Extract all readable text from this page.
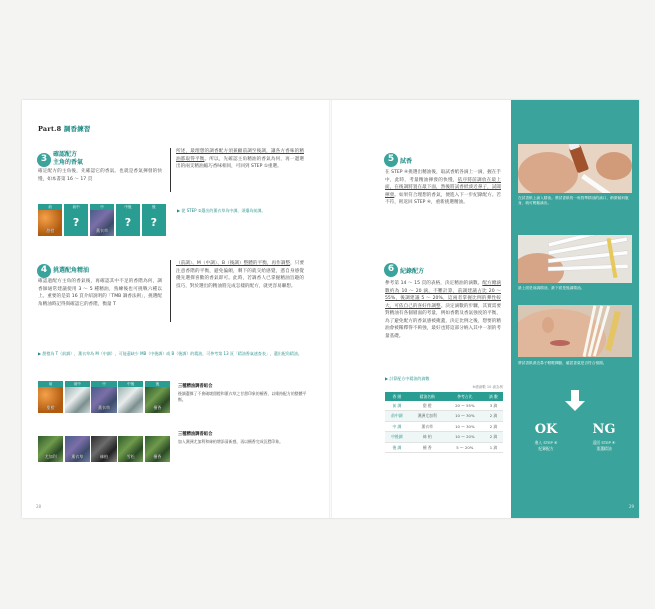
Part.8 調香練習
3 確認配方
主角的香氣
確定配方的主角後，先確認它的香氣。也就是香氣揮發的快慢，如本書第 16 ～ 17 頁
所述，最理想的調香配方須兼顧前調至後調，讓各方香味的精油都取得平衡。所以，先確認主角精油的香氣為何，再一邊選出的兩支精油縮巧香味相同，可回到 STEP ①重選。
前
甜橙
前中
?
中
薰衣草
中後
?
後
?
▶ 從 STEP ②選出的薰衣草為中調，須爆為前調。
4 挑選配角精油
確認過配方主角的香氣後，再確認其中不足的香階為何，調香師通常建議使用 3 ～ 5 種精油，熟練後也可挑戰六種以上。重要的是第 16 頁介紹說明的「TMB 調香法則」，挑選配角精油時記得與確認它的香階，衡量 T
（前調）、M（中調）、B（後調）整體的平衡，再作調整，只要注意香階的平衡，避免偏頗，剩下的就交給感覺，憑自身感覺優先選擇喜歡的香氣即可。此時，若調香人已掌握精油旨趣的技巧，對於選出的精油將完成怎樣的配方，就更容易聯想。
▶ 甜橙為 T（前調），薰衣草為 M（中調），可能還缺少 MB（中後調）或 B（後調）的精油，可參考第 13 頁「精油香氣速查表」，選出配角精油。
前
甜橙
前中	中
薰衣草
中後	後
檀香
三種精油調香組合
後調選擇了不會破壞甜橙和薰衣草之甘甜印象的檀香，以維持配方的整體平衡。
尤加利	薰衣草	絲柏	雪松	檀香
三種精油調香組合
加入澳洲尤加利和絲柏增添清新感，再以檀香完成沉穩印象。
28
5 試香
在 STEP ④挑選出精油後，取試香紙各滴上一滴，握在手中，此時，考量精油揮發的快慢，依序將前調放在最上面，在後調將置在最下面，然後將試香紙湊近鼻子，試聞揮發。如果符合理想的香氣，便進入下一步紀錄配方。若不符，則返回 STEP ④，重新挑選精油。
6 紀錄配方
參考第 14 ～ 15 頁的表格，決定精油的滴數。配方總滴數約為 10 ～ 20 滴，不難計算，前調建議占比 20 ～ 55%，後調建議 5 ～ 20%，這兩者掌握比例的彈性較大，可依自己的喜好作調整。決定滴數的步驟，其實需要對精油有各個層面的考量，例如香階及香氣強度的平衡，為了避免配方的香氣感被掩蓋，決定比例之後，想要的精油會被稀釋得不夠強，最好也將這部分納入其中一項的考量基礎。
▶ 計算配方中精油的滴數
※總滴數 10 滴為例
香 階	精油名稱	參考占比	滴 數
前 調	甜 橙	20 ～ 55%	3 滴
前中調	澳洲尤加利	10 ～ 30%	2 滴
中 調	薰衣草	10 ～ 30%	2 滴
中後調	絲 柏	10 ～ 20%	2 滴
後 調	檀 香	5 ～ 20%	1 滴
在試香紙上滴入精油。將試香紙的一角對準精油的滴口，稍微傾斜瓶身，就可輕鬆滴出。
最上面是前調精油，最下面是後調精油。
將試香紙湊近鼻子輕輕揮動，確認香氣是否符合預期。
OK
進入 STEP ⑥
紀錄配方
NG
返回 STEP ④
重選精油
29
